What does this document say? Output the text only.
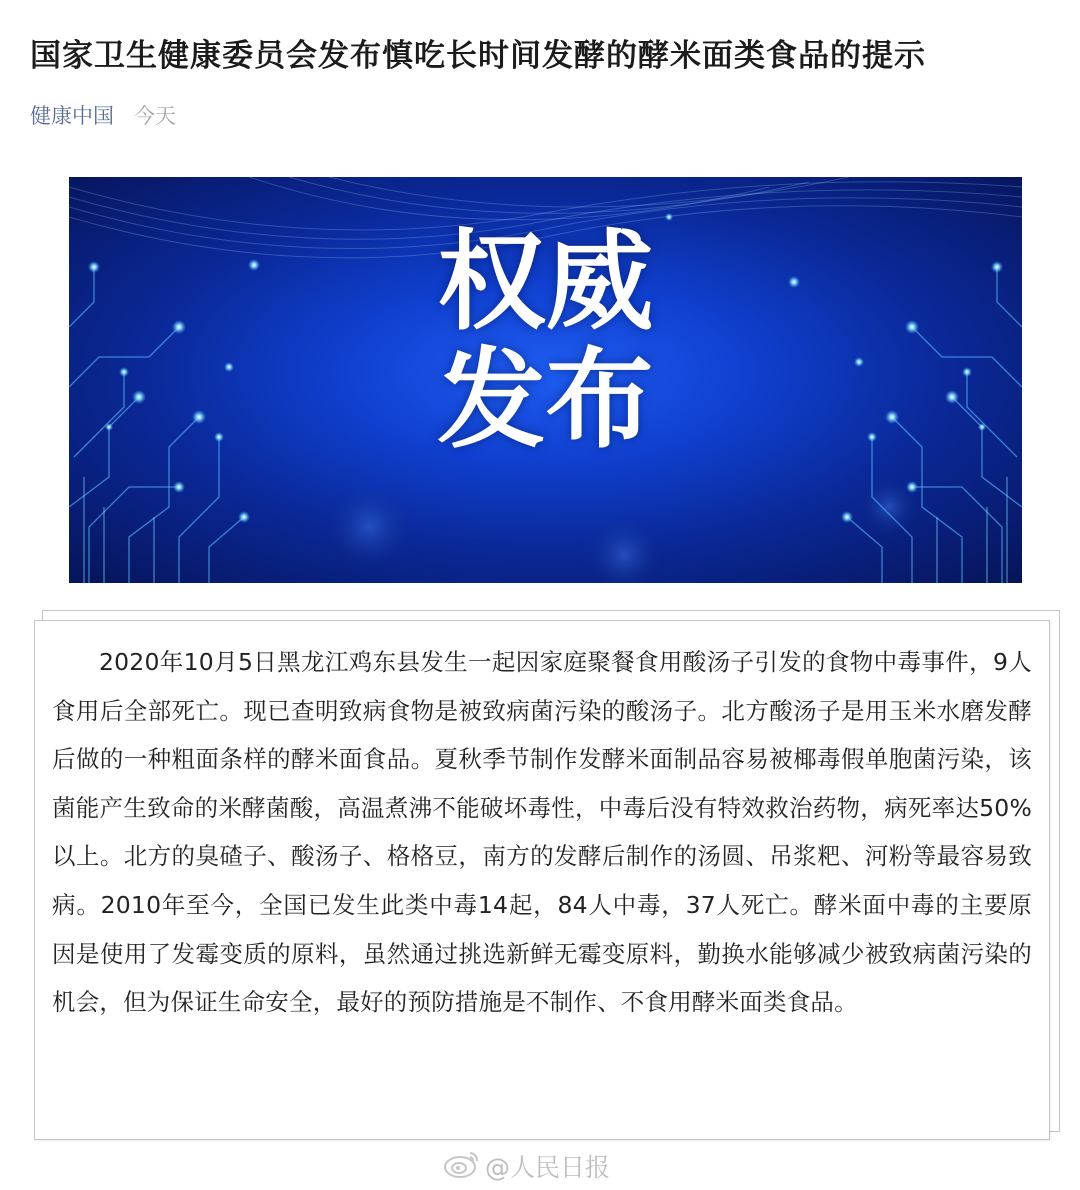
国家卫生健康委员会发布慎吃长时间发酵的酵米面类食品的提示
健康中国 今天
权威
发布

2020年10月5日黑龙江鸡东县发生一起因家庭聚餐食用酸汤子引发的食物中毒事件，9人食用后全部死亡。现已查明致病食物是被致病菌污染的酸汤子。北方酸汤子是用玉米水磨发酵后做的一种粗面条样的酵米面食品。夏秋季节制作发酵米面制品容易被椰毒假单胞菌污染，该菌能产生致命的米酵菌酸，高温煮沸不能破坏毒性，中毒后没有特效救治药物，病死率达50%以上。北方的臭碴子、酸汤子、格格豆，南方的发酵后制作的汤圆、吊浆粑、河粉等最容易致病。2010年至今，全国已发生此类中毒14起，84人中毒，37人死亡。酵米面中毒的主要原因是使用了发霉变质的原料，虽然通过挑选新鲜无霉变原料，勤换水能够减少被致病菌污染的机会，但为保证生命安全，最好的预防措施是不制作、不食用酵米面类食品。

@人民日报
